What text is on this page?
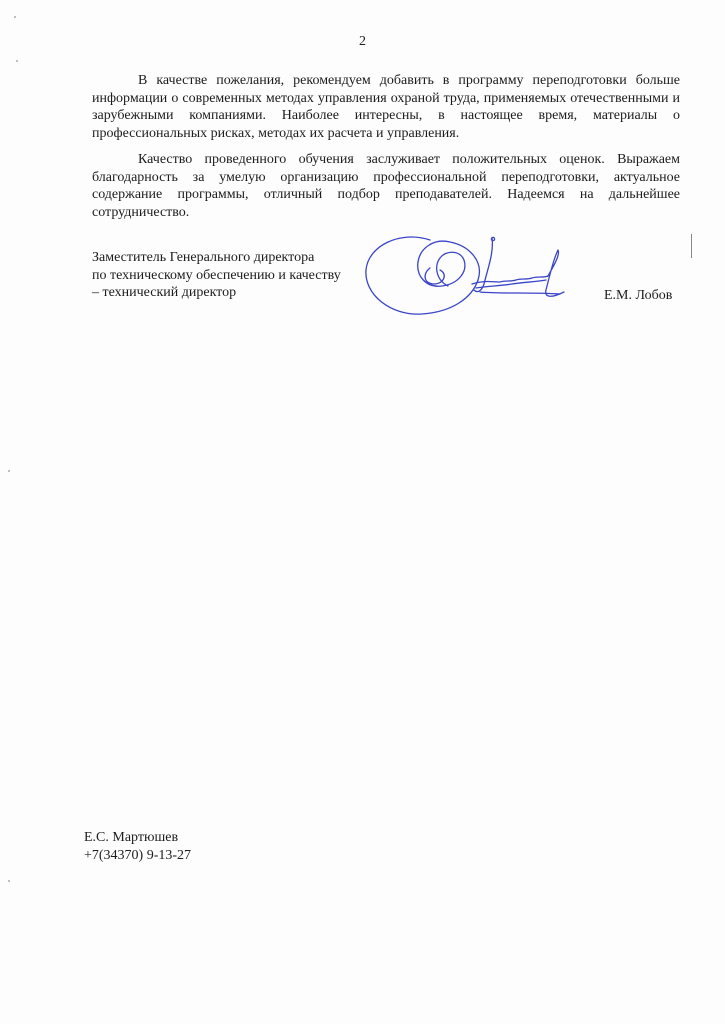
2

В качестве пожелания, рекомендуем добавить в программу переподготовки больше информации о современных методах управления охраной труда, применяемых отечественными и зарубежными компаниями. Наиболее интересны, в настоящее время, материалы о профессиональных рисках, методах их расчета и управления.

Качество проведенного обучения заслуживает положительных оценок. Выражаем благодарность за умелую организацию профессиональной переподготовки, актуальное содержание программы, отличный подбор преподавателей. Надеемся на дальнейшее сотрудничество.

Заместитель Генерального директора
по техническому обеспечению и качеству
– технический директор	Е.М. Лобов
Е.С. Мартюшев
+7(34370) 9-13-27
